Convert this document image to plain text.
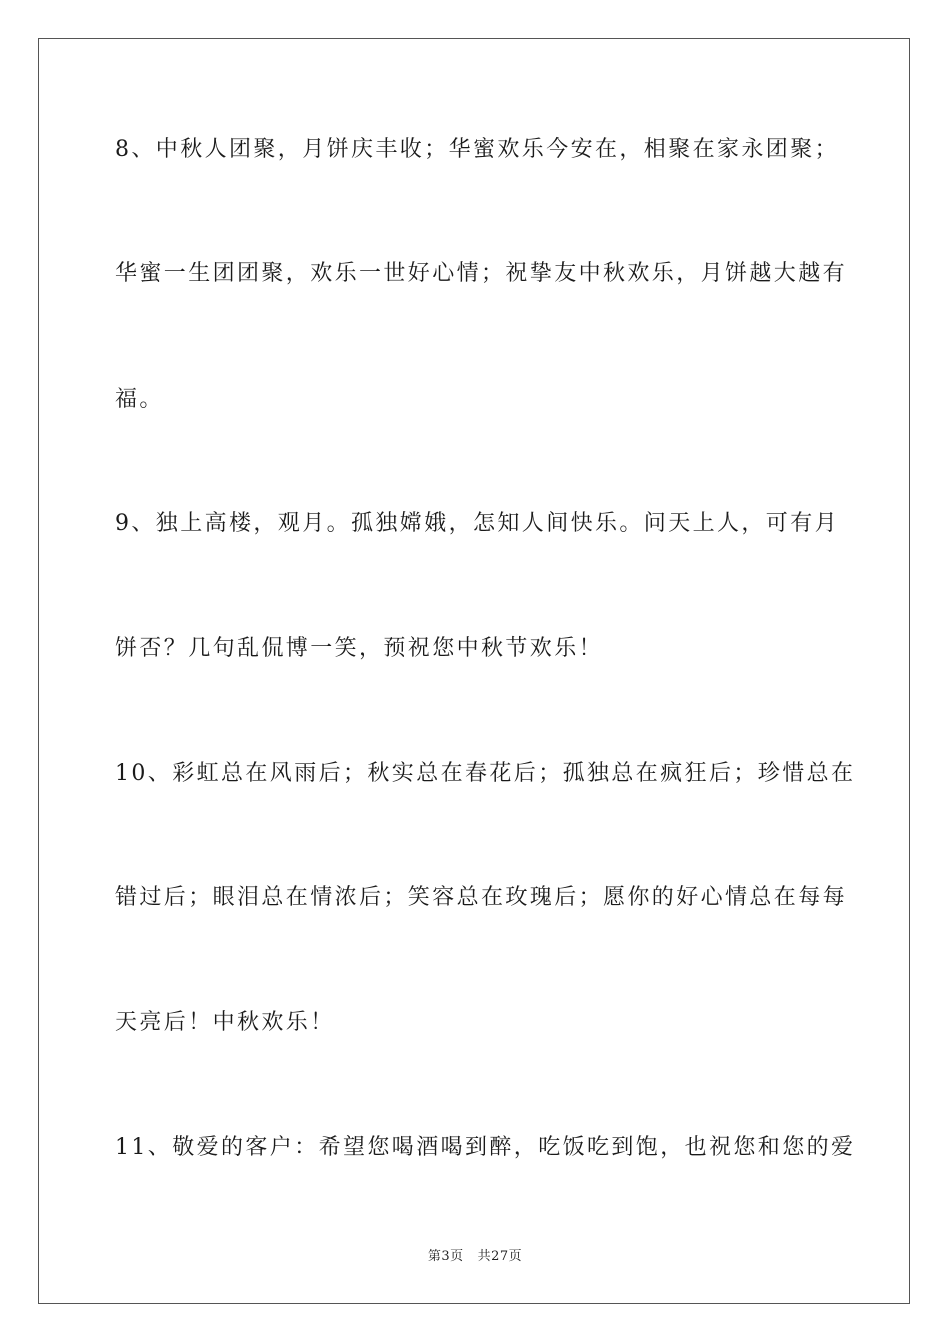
8、中秋人团聚，月饼庆丰收；华蜜欢乐今安在，相聚在家永团聚；
华蜜一生团团聚，欢乐一世好心情；祝挚友中秋欢乐，月饼越大越有
福。
9、独上高楼，观月。孤独嫦娥，怎知人间快乐。问天上人，可有月
饼否？几句乱侃博一笑，预祝您中秋节欢乐！
10、彩虹总在风雨后；秋实总在春花后；孤独总在疯狂后；珍惜总在
错过后；眼泪总在情浓后；笑容总在玫瑰后；愿你的好心情总在每每
天亮后！中秋欢乐！
11、敬爱的客户：希望您喝酒喝到醉，吃饭吃到饱，也祝您和您的爱
第3页 共27页
